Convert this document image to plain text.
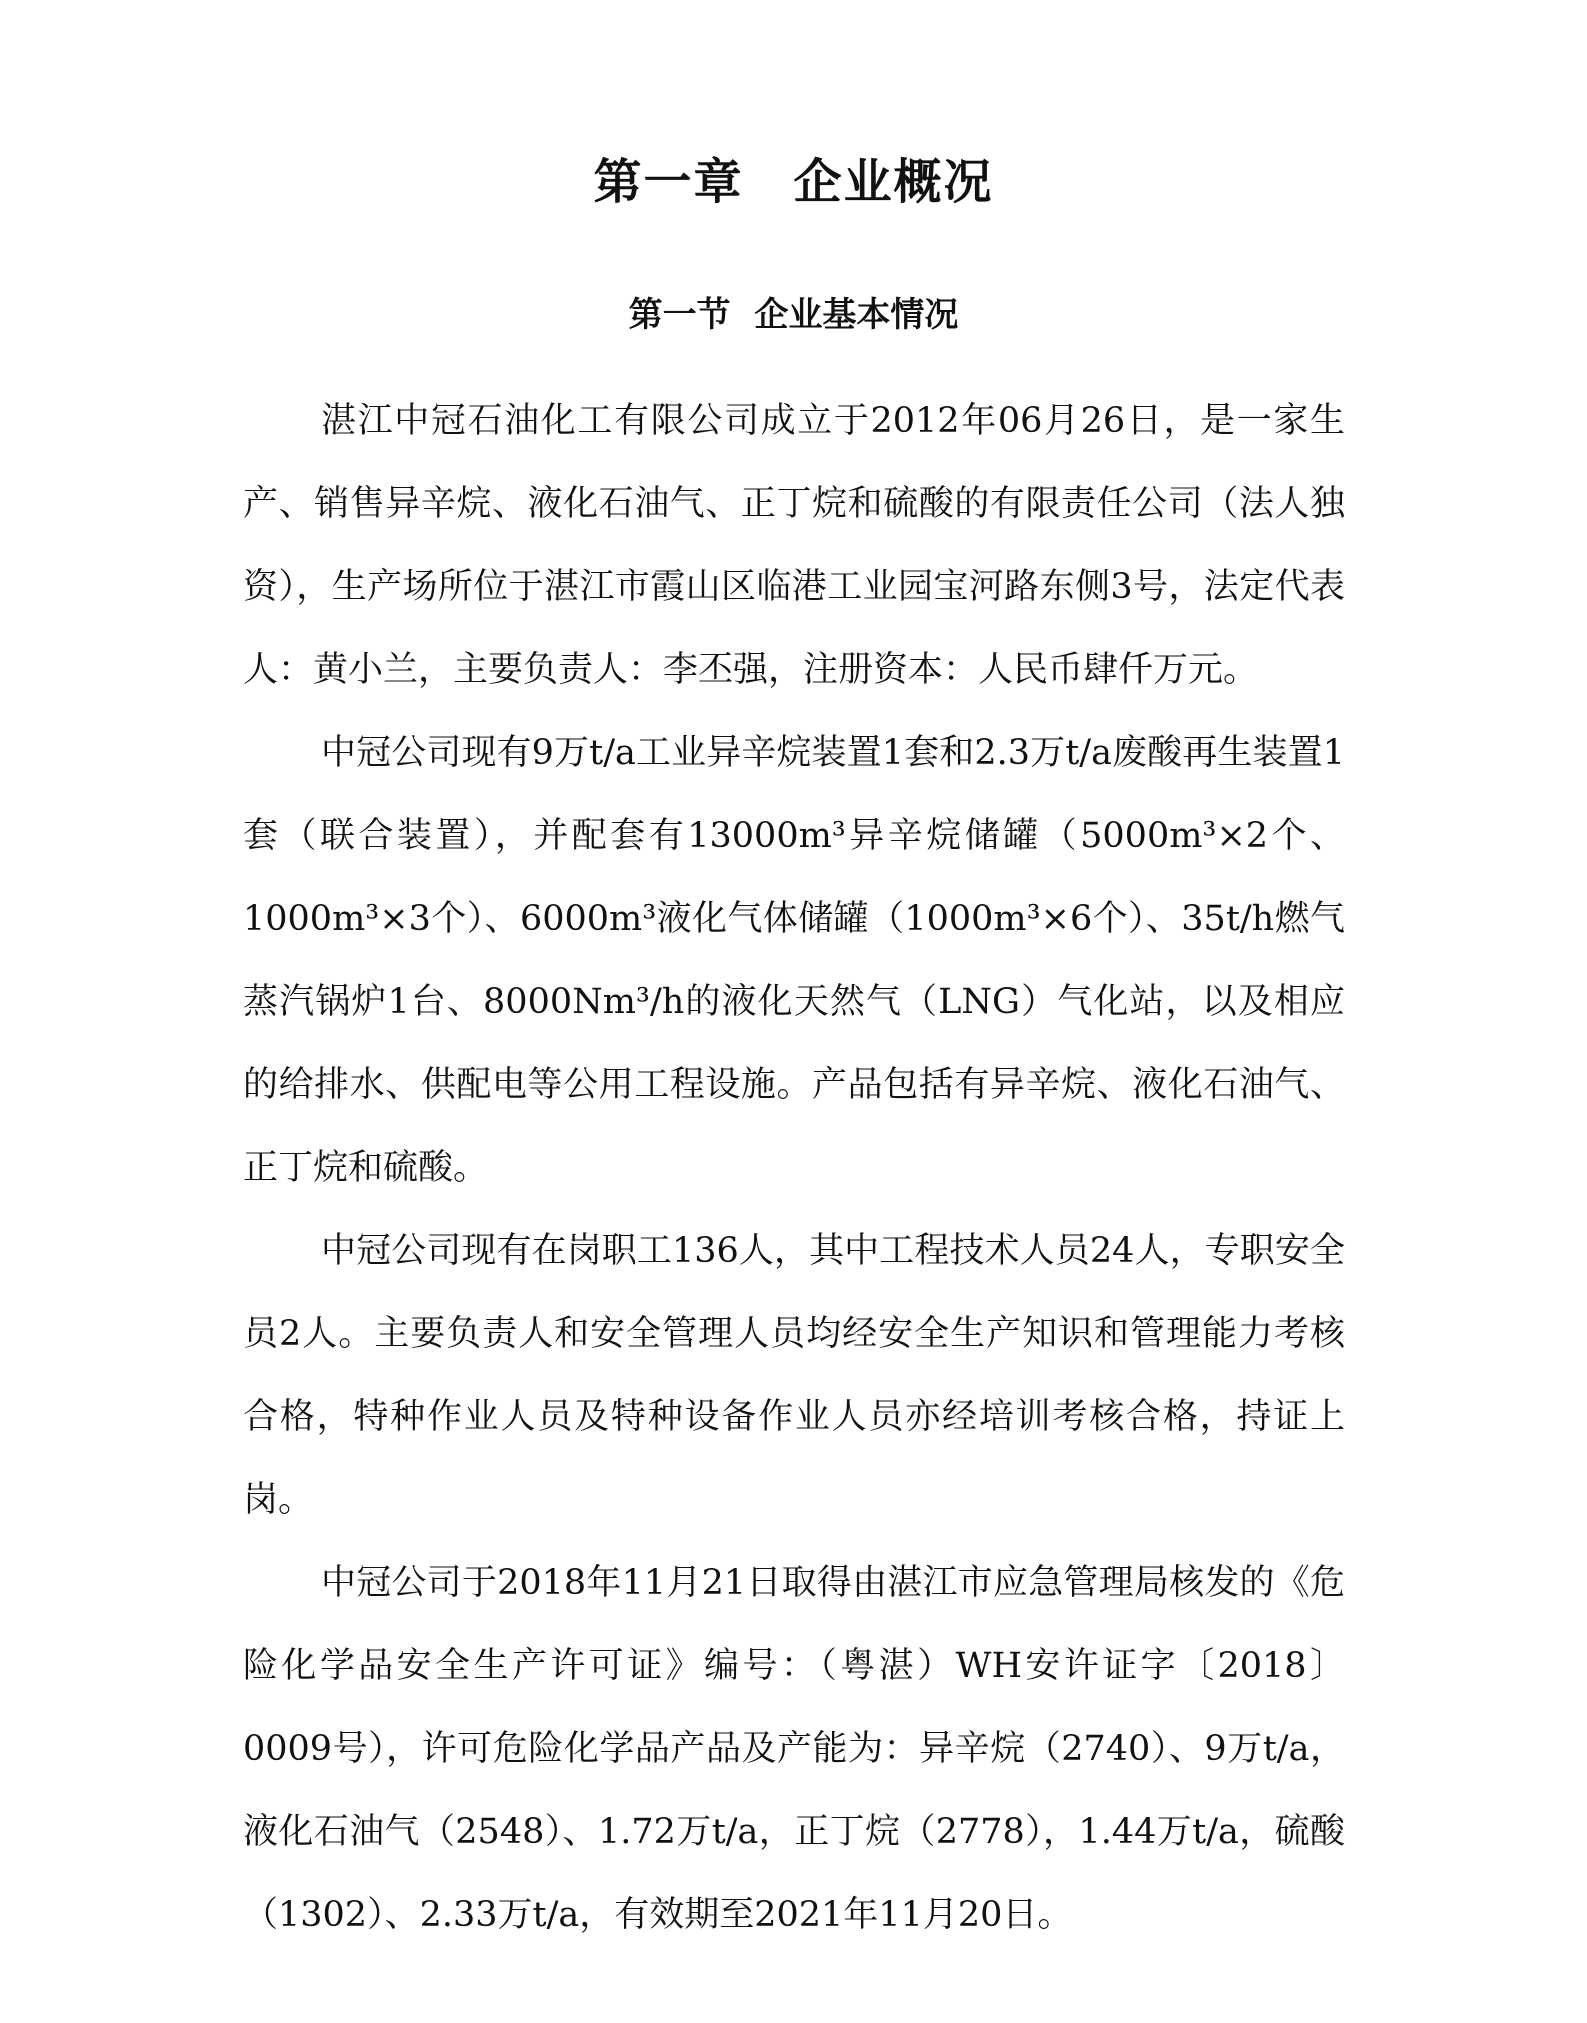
第一章　企业概况
第一节  企业基本情况

湛江中冠石油化工有限公司成立于2012年06月26日，是一家生产、销售异辛烷、液化石油气、正丁烷和硫酸的有限责任公司（法人独资），生产场所位于湛江市霞山区临港工业园宝河路东侧3号，法定代表人：黄小兰，主要负责人：李丕强，注册资本：人民币肆仟万元。

中冠公司现有9万t/a工业异辛烷装置1套和2.3万t/a废酸再生装置1套（联合装置），并配套有13000m³异辛烷储罐（5000m³×2个、1000m³×3个）、6000m³液化气体储罐（1000m³×6个）、35t/h燃气蒸汽锅炉1台、8000Nm³/h的液化天然气（LNG）气化站，以及相应的给排水、供配电等公用工程设施。产品包括有异辛烷、液化石油气、正丁烷和硫酸。

中冠公司现有在岗职工136人，其中工程技术人员24人，专职安全员2人。主要负责人和安全管理人员均经安全生产知识和管理能力考核合格，特种作业人员及特种设备作业人员亦经培训考核合格，持证上岗。

中冠公司于2018年11月21日取得由湛江市应急管理局核发的《危险化学品安全生产许可证》编号：（粤湛）WH安许证字〔2018〕0009号），许可危险化学品产品及产能为：异辛烷（2740）、9万t/a，液化石油气（2548）、1.72万t/a，正丁烷（2778），1.44万t/a，硫酸（1302）、2.33万t/a，有效期至2021年11月20日。
